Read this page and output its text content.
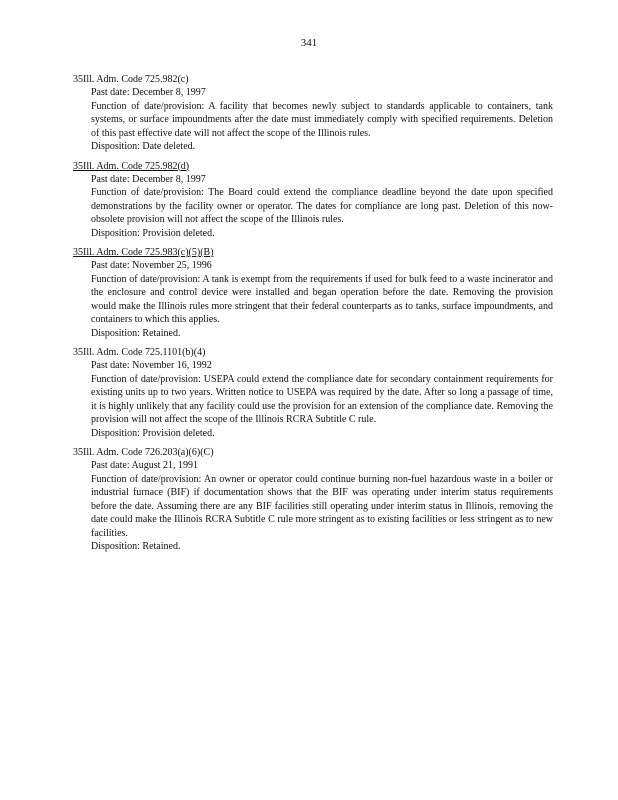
341
35Ill. Adm. Code 725.982(c)
Past date: December 8, 1997
Function of date/provision: A facility that becomes newly subject to standards applicable to containers, tank systems, or surface impoundments after the date must immediately comply with specified requirements. Deletion of this past effective date will not affect the scope of the Illinois rules.
Disposition: Date deleted.
35Ill. Adm. Code 725.982(d)
Past date: December 8, 1997
Function of date/provision: The Board could extend the compliance deadline beyond the date upon specified demonstrations by the facility owner or operator. The dates for compliance are long past. Deletion of this now-obsolete provision will not affect the scope of the Illinois rules.
Disposition: Provision deleted.
35Ill. Adm. Code 725.983(c)(5)(B)
Past date: November 25, 1996
Function of date/provision: A tank is exempt from the requirements if used for bulk feed to a waste incinerator and the enclosure and control device were installed and began operation before the date. Removing the provision would make the Illinois rules more stringent that their federal counterparts as to tanks, surface impoundments, and containers to which this applies.
Disposition: Retained.
35Ill. Adm. Code 725.1101(b)(4)
Past date: November 16, 1992
Function of date/provision: USEPA could extend the compliance date for secondary containment requirements for existing units up to two years. Written notice to USEPA was required by the date. After so long a passage of time, it is highly unlikely that any facility could use the provision for an extension of the compliance date. Removing the provision will not affect the scope of the Illinois RCRA Subtitle C rule.
Disposition: Provision deleted.
35Ill. Adm. Code 726.203(a)(6)(C)
Past date: August 21, 1991
Function of date/provision: An owner or operator could continue burning non-fuel hazardous waste in a boiler or industrial furnace (BIF) if documentation shows that the BIF was operating under interim status requirements before the date. Assuming there are any BIF facilities still operating under interim status in Illinois, removing the date could make the Illinois RCRA Subtitle C rule more stringent as to existing facilities or less stringent as to new facilities.
Disposition: Retained.
